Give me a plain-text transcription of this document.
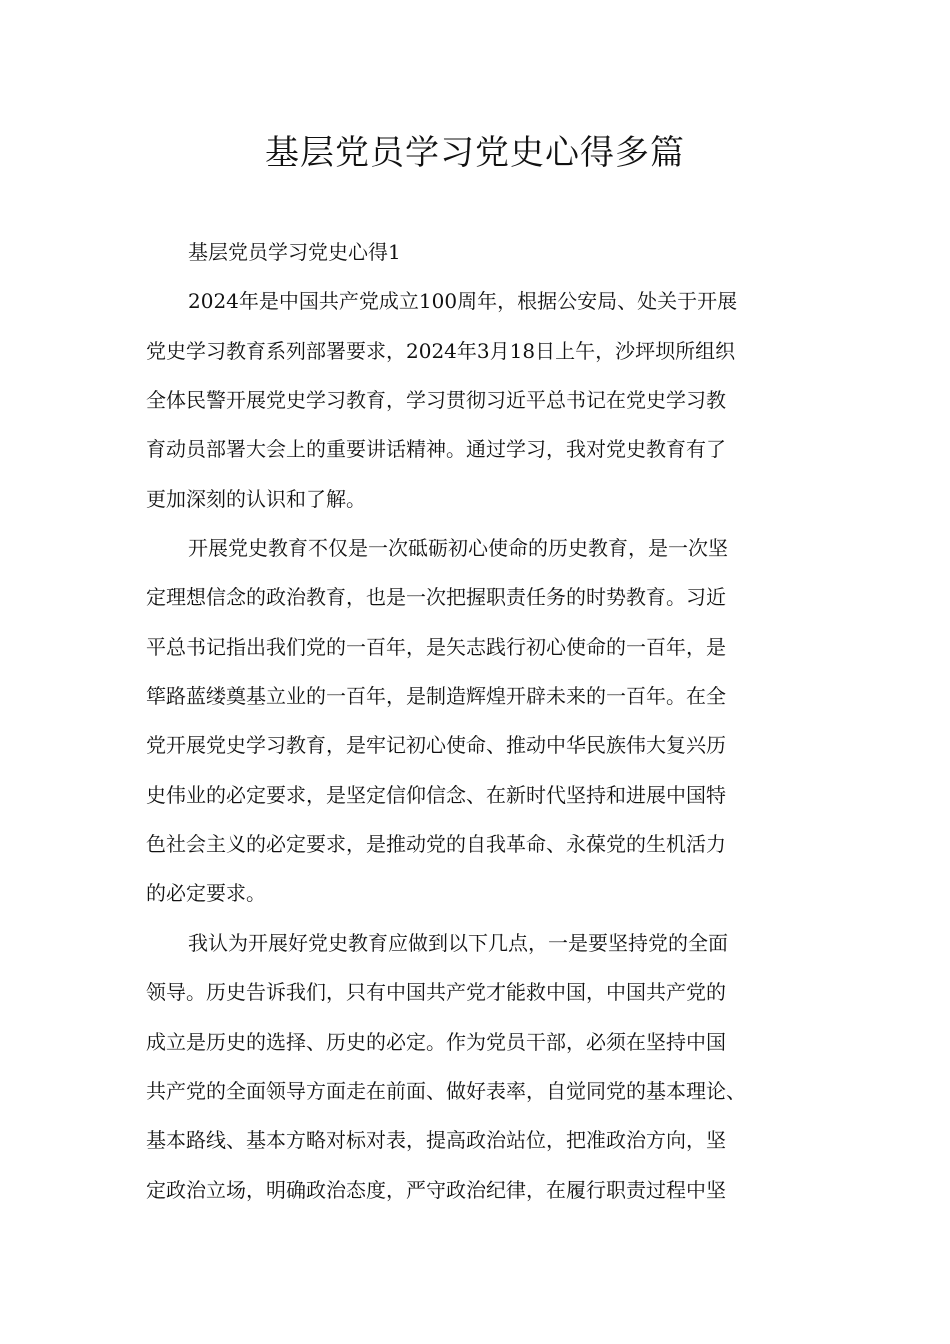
基层党员学习党史心得多篇
基层党员学习党史心得1
2024年是中国共产党成立100周年，根据公安局、处关于开展
党史学习教育系列部署要求，2024年3月18日上午，沙坪坝所组织
全体民警开展党史学习教育，学习贯彻习近平总书记在党史学习教
育动员部署大会上的重要讲话精神。通过学习，我对党史教育有了
更加深刻的认识和了解。
开展党史教育不仅是一次砥砺初心使命的历史教育，是一次坚
定理想信念的政治教育，也是一次把握职责任务的时势教育。习近
平总书记指出我们党的一百年，是矢志践行初心使命的一百年，是
筚路蓝缕奠基立业的一百年，是制造辉煌开辟未来的一百年。在全
党开展党史学习教育，是牢记初心使命、推动中华民族伟大复兴历
史伟业的必定要求，是坚定信仰信念、在新时代坚持和进展中国特
色社会主义的必定要求，是推动党的自我革命、永葆党的生机活力
的必定要求。
我认为开展好党史教育应做到以下几点，一是要坚持党的全面
领导。历史告诉我们，只有中国共产党才能救中国，中国共产党的
成立是历史的选择、历史的必定。作为党员干部，必须在坚持中国
共产党的全面领导方面走在前面、做好表率，自觉同党的基本理论、
基本路线、基本方略对标对表，提高政治站位，把准政治方向，坚
定政治立场，明确政治态度，严守政治纪律，在履行职责过程中坚
